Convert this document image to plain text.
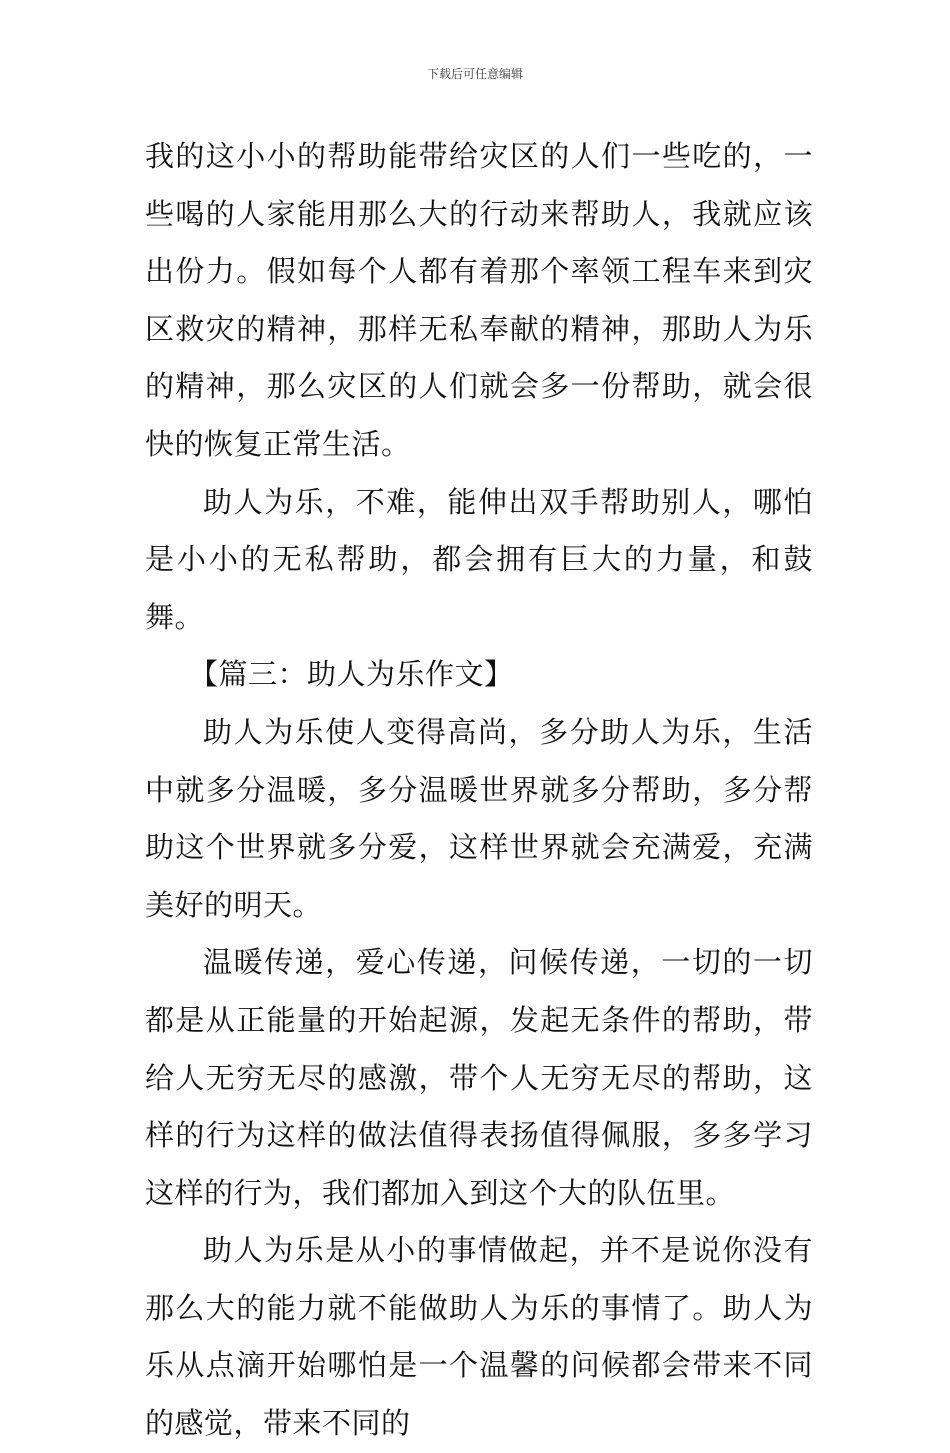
下载后可任意编辑

我的这小小的帮助能带给灾区的人们一些吃的，一些喝的人家能用那么大的行动来帮助人，我就应该出份力。假如每个人都有着那个率领工程车来到灾区救灾的精神，那样无私奉献的精神，那助人为乐的精神，那么灾区的人们就会多一份帮助，就会很快的恢复正常生活。

助人为乐，不难，能伸出双手帮助别人，哪怕是小小的无私帮助，都会拥有巨大的力量，和鼓舞。

【篇三：助人为乐作文】

助人为乐使人变得高尚，多分助人为乐，生活中就多分温暖，多分温暖世界就多分帮助，多分帮助这个世界就多分爱，这样世界就会充满爱，充满美好的明天。

温暖传递，爱心传递，问候传递，一切的一切都是从正能量的开始起源，发起无条件的帮助，带给人无穷无尽的感激，带个人无穷无尽的帮助，这样的行为这样的做法值得表扬值得佩服，多多学习这样的行为，我们都加入到这个大的队伍里。

助人为乐是从小的事情做起，并不是说你没有那么大的能力就不能做助人为乐的事情了。助人为乐从点滴开始哪怕是一个温馨的问候都会带来不同的感觉，带来不同的
